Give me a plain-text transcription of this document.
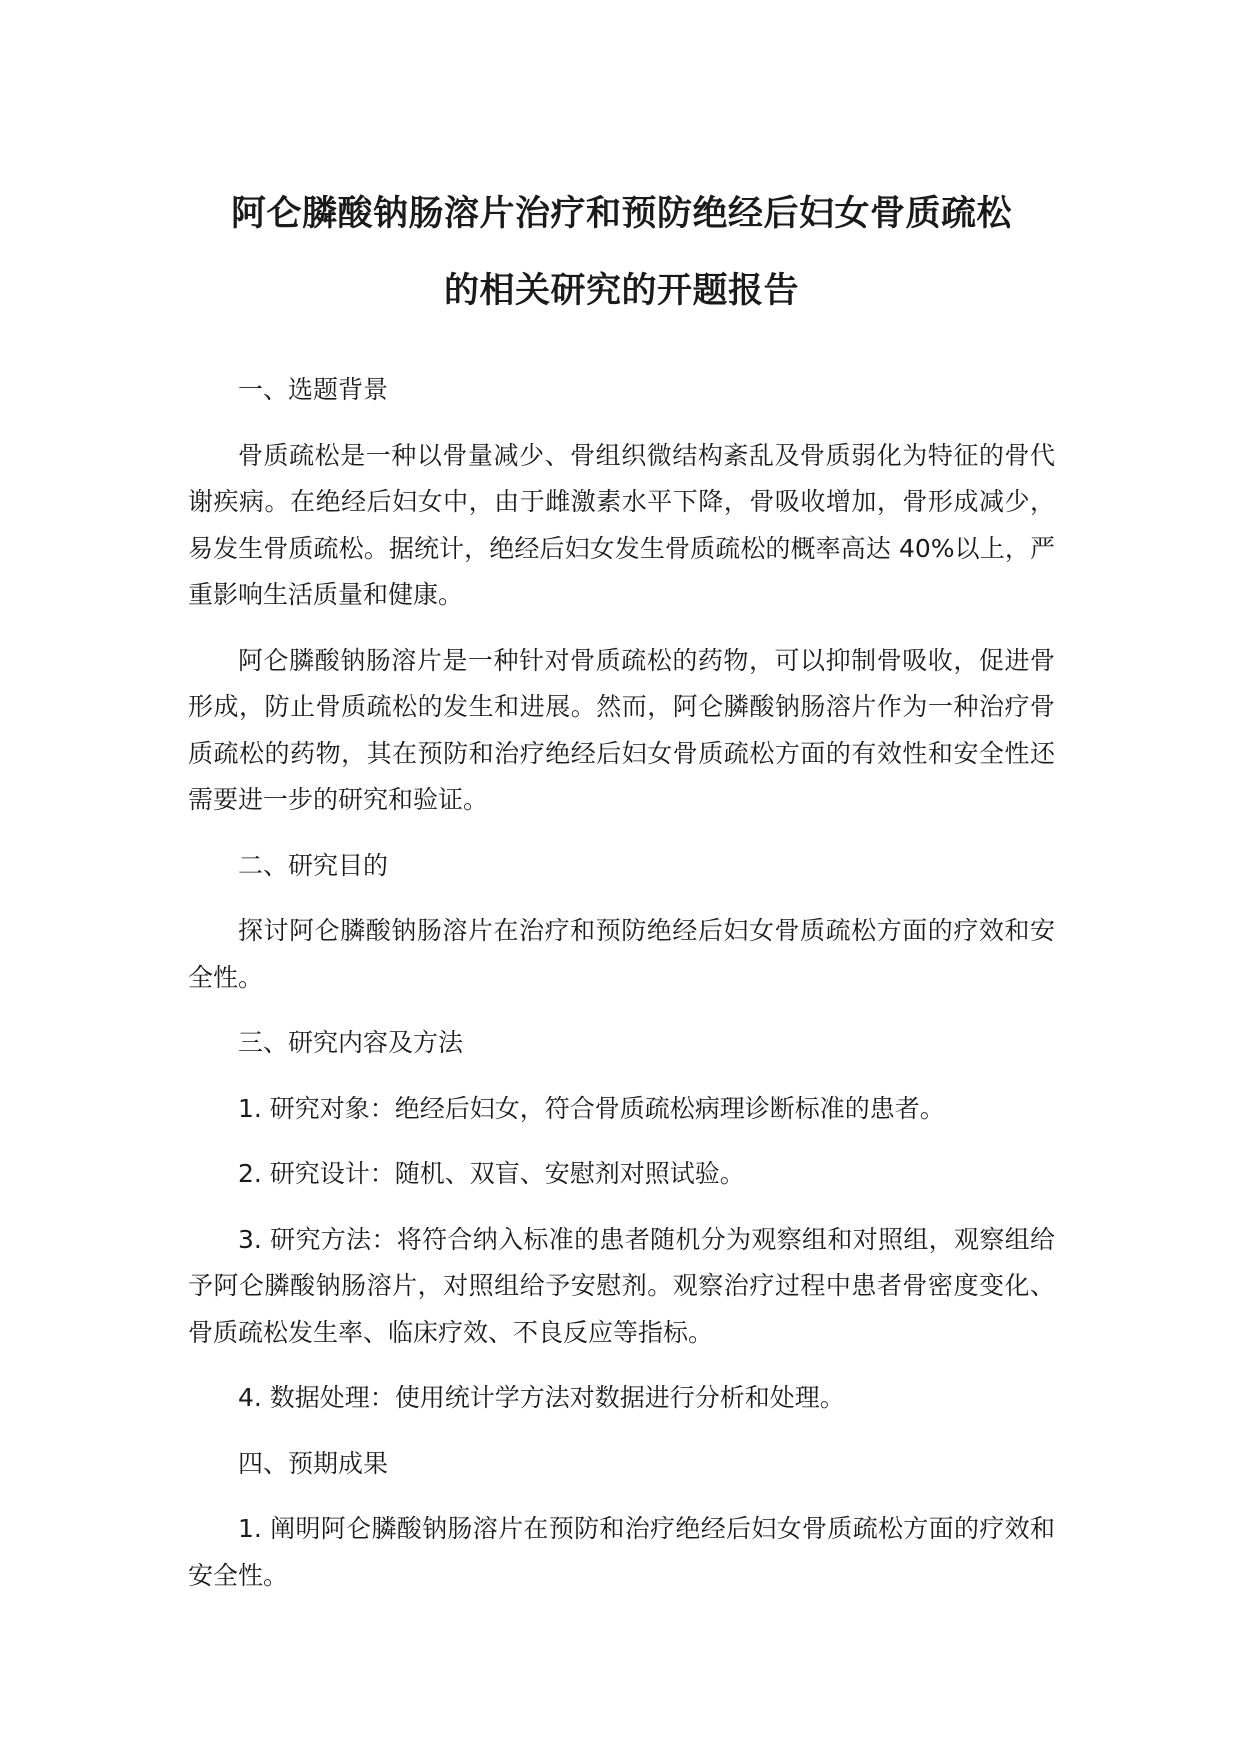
阿仑膦酸钠肠溶片治疗和预防绝经后妇女骨质疏松
的相关研究的开题报告

一、选题背景

骨质疏松是一种以骨量减少、骨组织微结构紊乱及骨质弱化为特征的骨代谢疾病。在绝经后妇女中，由于雌激素水平下降，骨吸收增加，骨形成减少，易发生骨质疏松。据统计，绝经后妇女发生骨质疏松的概率高达 40%以上，严重影响生活质量和健康。

阿仑膦酸钠肠溶片是一种针对骨质疏松的药物，可以抑制骨吸收，促进骨形成，防止骨质疏松的发生和进展。然而，阿仑膦酸钠肠溶片作为一种治疗骨质疏松的药物，其在预防和治疗绝经后妇女骨质疏松方面的有效性和安全性还需要进一步的研究和验证。

二、研究目的

探讨阿仑膦酸钠肠溶片在治疗和预防绝经后妇女骨质疏松方面的疗效和安全性。

三、研究内容及方法

1. 研究对象：绝经后妇女，符合骨质疏松病理诊断标准的患者。

2. 研究设计：随机、双盲、安慰剂对照试验。

3. 研究方法：将符合纳入标准的患者随机分为观察组和对照组，观察组给予阿仑膦酸钠肠溶片，对照组给予安慰剂。观察治疗过程中患者骨密度变化、骨质疏松发生率、临床疗效、不良反应等指标。

4. 数据处理：使用统计学方法对数据进行分析和处理。

四、预期成果

1. 阐明阿仑膦酸钠肠溶片在预防和治疗绝经后妇女骨质疏松方面的疗效和安全性。
